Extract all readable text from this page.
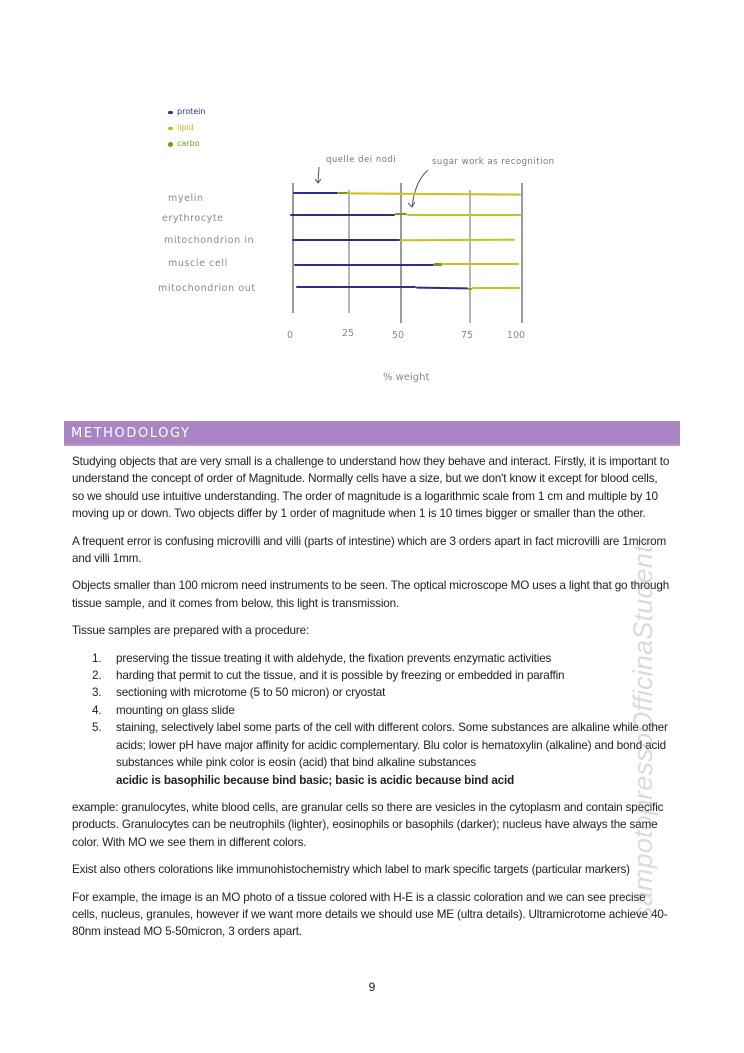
protein
lipid
carbo
quelle dei nodi	sugar work as recognition
myelin
erythrocyte
mitochondrion in
muscle cell
mitochondrion out
0	25	50	75	100
% weight
METHODOLOGY

Studying objects that are very small is a challenge to understand how they behave and interact. Firstly, it is important to understand the concept of order of Magnitude. Normally cells have a size, but we don't know it except for blood cells, so we should use intuitive understanding. The order of magnitude is a logarithmic scale from 1 cm and multiple by 10 moving up or down. Two objects differ by 1 order of magnitude when 1 is 10 times bigger or smaller than the other.

A frequent error is confusing microvilli and villi (parts of intestine) which are 3 orders apart in fact microvilli are 1microm and villi 1mm.

Objects smaller than 100 microm need instruments to be seen. The optical microscope MO uses a light that go through tissue sample, and it comes from below, this light is transmission.

Tissue samples are prepared with a procedure:

1. preserving the tissue treating it with aldehyde, the fixation prevents enzymatic activities
2. harding that permit to cut the tissue, and it is possible by freezing or embedded in paraffin
3. sectioning with microtome (5 to 50 micron) or cryostat
4. mounting on glass slide
5. staining, selectively label some parts of the cell with different colors. Some substances are alkaline while other acids; lower pH have major affinity for acidic complementary. Blu color is hematoxylin (alkaline) and bond acid substances while pink color is eosin (acid) that bind alkaline substances
acidic is basophilic because bind basic; basic is acidic because bind acid

example: granulocytes, white blood cells, are granular cells so there are vesicles in the cytoplasm and contain specific products. Granulocytes can be neutrophils (lighter), eosinophils or basophils (darker); nucleus have always the same color. With MO we see them in different colors.

Exist also others colorations like immunohistochemistry which label to mark specific targets (particular markers)

For example, the image is an MO photo of a tissue colored with H-E is a classic coloration and we can see precise cells, nucleus, granules, however if we want more details we should use ME (ultra details). Ultramicrotome achieve 40-80nm instead MO 5-50micron, 3 orders apart.

9
sampotopressoOfficinaStudenti
